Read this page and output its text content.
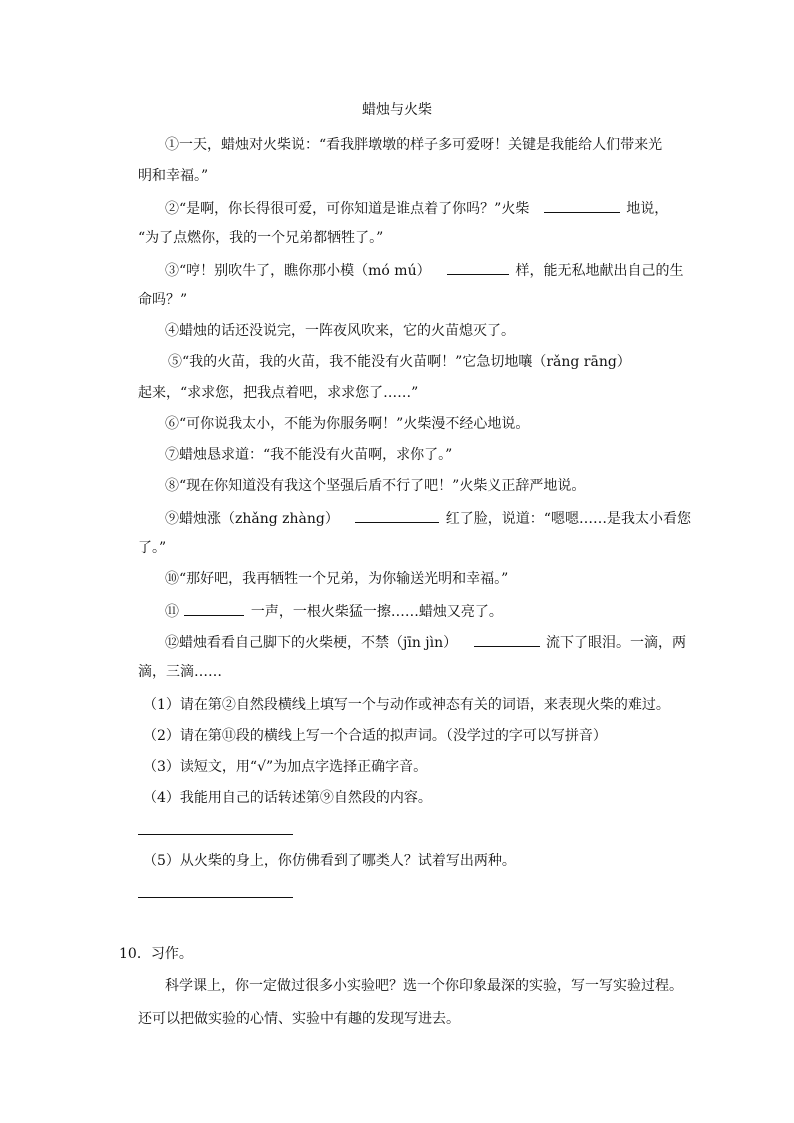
蜡烛与火柴
①一天，蜡烛对火柴说：“看我胖墩墩的样子多可爱呀！关键是我能给人们带来光
明和幸福。”
②“是啊，你长得很可爱，可你知道是谁点着了你吗？”火柴	地说，
“为了点燃你，我的一个兄弟都牺牲了。”
③“哼！别吹牛了，瞧你那小模（mó mú）	样，能无私地献出自己的生
命吗？”
④蜡烛的话还没说完，一阵夜风吹来，它的火苗熄灭了。
⑤“我的火苗，我的火苗，我不能没有火苗啊！”它急切地嚷（rǎng rāng）
起来，“求求您，把我点着吧，求求您了……”
⑥“可你说我太小，不能为你服务啊！”火柴漫不经心地说。
⑦蜡烛恳求道：“我不能没有火苗啊，求你了。”
⑧“现在你知道没有我这个坚强后盾不行了吧！”火柴义正辞严地说。
⑨蜡烛涨（zhǎng zhàng）	红了脸，说道：“嗯嗯……是我太小看您
了。”
⑩“那好吧，我再牺牲一个兄弟，为你输送光明和幸福。”
⑪	一声，一根火柴猛一擦……蜡烛又亮了。
⑫蜡烛看看自己脚下的火柴梗，不禁（jīn jìn）	流下了眼泪。一滴，两
滴，三滴……
（1）请在第②自然段横线上填写一个与动作或神态有关的词语，来表现火柴的难过。
（2）请在第⑪段的横线上写一个合适的拟声词。（没学过的字可以写拼音）
（3）读短文，用“√”为加点字选择正确字音。
（4）我能用自己的话转述第⑨自然段的内容。
（5）从火柴的身上，你仿佛看到了哪类人？试着写出两种。
10．习作。
科学课上，你一定做过很多小实验吧？选一个你印象最深的实验，写一写实验过程。
还可以把做实验的心情、实验中有趣的发现写进去。
